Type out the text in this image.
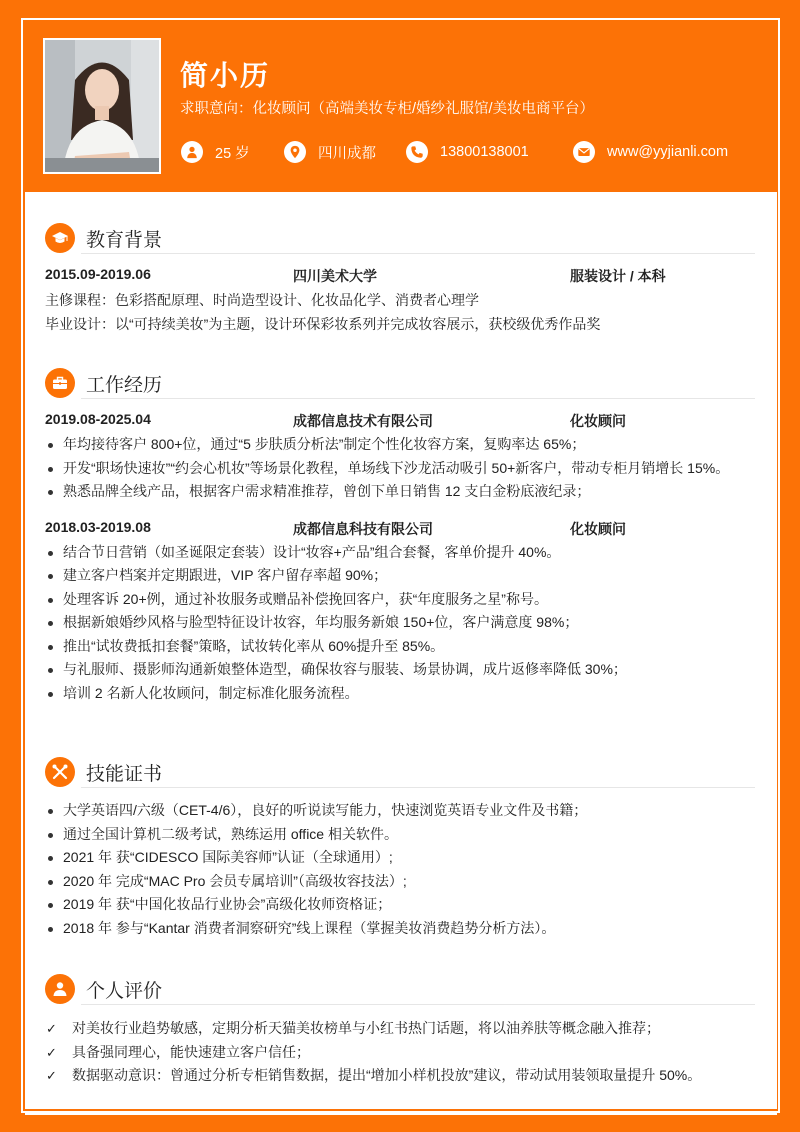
简小历
求职意向：化妆顾问（高端美妆专柜/婚纱礼服馆/美妆电商平台）
25 岁	四川成都	13800138001	www@yyjianli.com
教育背景
2015.09-2019.06	四川美术大学	服装设计 / 本科
主修课程：色彩搭配原理、时尚造型设计、化妆品化学、消费者心理学
毕业设计：以“可持续美妆”为主题，设计环保彩妆系列并完成妆容展示，获校级优秀作品奖
工作经历
2019.08-2025.04	成都信息技术有限公司	化妆顾问
年均接待客户 800+位，通过“5 步肤质分析法”制定个性化妆容方案，复购率达 65%；
开发“职场快速妆”“约会心机妆”等场景化教程，单场线下沙龙活动吸引 50+新客户，带动专柜月销增长 15%。
熟悉品牌全线产品，根据客户需求精准推荐，曾创下单日销售 12 支白金粉底液纪录；
2018.03-2019.08	成都信息科技有限公司	化妆顾问
结合节日营销（如圣诞限定套装）设计“妆容+产品”组合套餐，客单价提升 40%。
建立客户档案并定期跟进，VIP 客户留存率超 90%；
处理客诉 20+例，通过补妆服务或赠品补偿挽回客户，获“年度服务之星”称号。
根据新娘婚纱风格与脸型特征设计妆容，年均服务新娘 150+位，客户满意度 98%；
推出“试妆费抵扣套餐”策略，试妆转化率从 60%提升至 85%。
与礼服师、摄影师沟通新娘整体造型，确保妆容与服装、场景协调，成片返修率降低 30%；
培训 2 名新人化妆顾问，制定标准化服务流程。
技能证书
大学英语四/六级（CET-4/6），良好的听说读写能力，快速浏览英语专业文件及书籍；
通过全国计算机二级考试，熟练运用 office 相关软件。
2021 年 获“CIDESCO 国际美容师”认证（全球通用）;
2020 年 完成“MAC Pro 会员专属培训”（高级妆容技法）;
2019 年 获“中国化妆品行业协会”高级化妆师资格证；
2018 年 参与“Kantar 消费者洞察研究”线上课程（掌握美妆消费趋势分析方法）。
个人评价
✓ 对美妆行业趋势敏感，定期分析天猫美妆榜单与小红书热门话题，将以油养肤等概念融入推荐；
✓ 具备强同理心，能快速建立客户信任；
✓ 数据驱动意识：曾通过分析专柜销售数据，提出“增加小样机投放”建议，带动试用装领取量提升 50%。
